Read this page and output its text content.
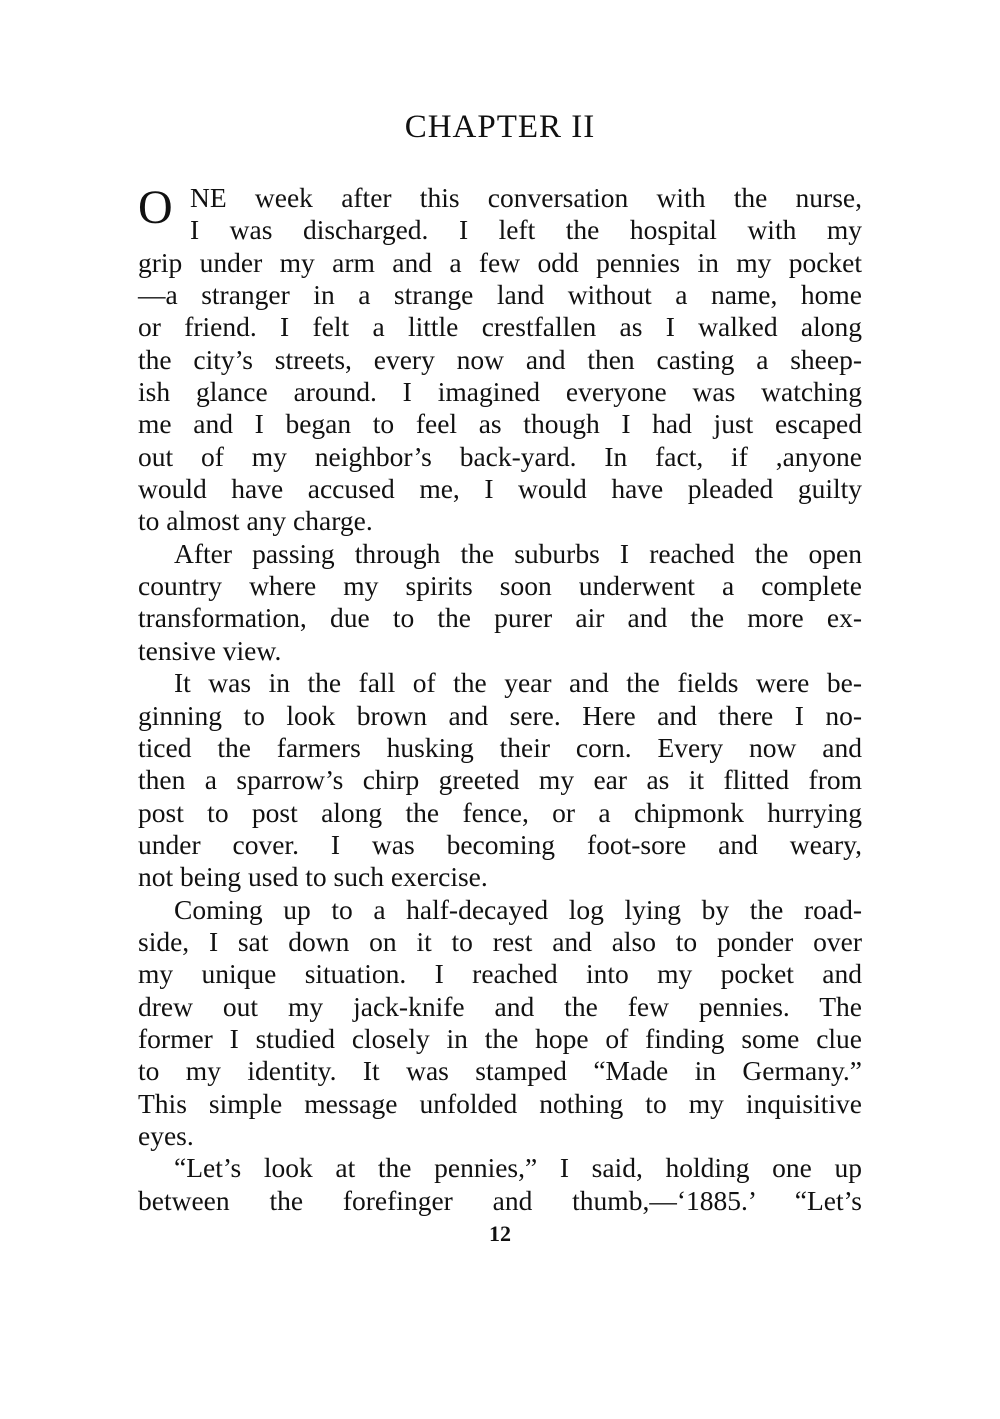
CHAPTER II
O NE week after this conversation with the nurse,
I was discharged. I left the hospital with my
grip under my arm and a few odd pennies in my pocket
—a stranger in a strange land without a name, home
or friend. I felt a little crestfallen as I walked along
the city’s streets, every now and then casting a sheep-
ish glance around. I imagined everyone was watching
me and I began to feel as though I had just escaped
out of my neighbor’s back-yard. In fact, if ,anyone
would have accused me, I would have pleaded guilty
to almost any charge.
After passing through the suburbs I reached the open
country where my spirits soon underwent a complete
transformation, due to the purer air and the more ex-
tensive view.
It was in the fall of the year and the fields were be-
ginning to look brown and sere. Here and there I no-
ticed the farmers husking their corn. Every now and
then a sparrow’s chirp greeted my ear as it flitted from
post to post along the fence, or a chipmonk hurrying
under cover. I was becoming foot-sore and weary,
not being used to such exercise.
Coming up to a half-decayed log lying by the road-
side, I sat down on it to rest and also to ponder over
my unique situation. I reached into my pocket and
drew out my jack-knife and the few pennies. The
former I studied closely in the hope of finding some clue
to my identity. It was stamped “Made in Germany.”
This simple message unfolded nothing to my inquisitive
eyes.
“Let’s look at the pennies,” I said, holding one up
between the forefinger and thumb,—‘1885.’ “Let’s
12
